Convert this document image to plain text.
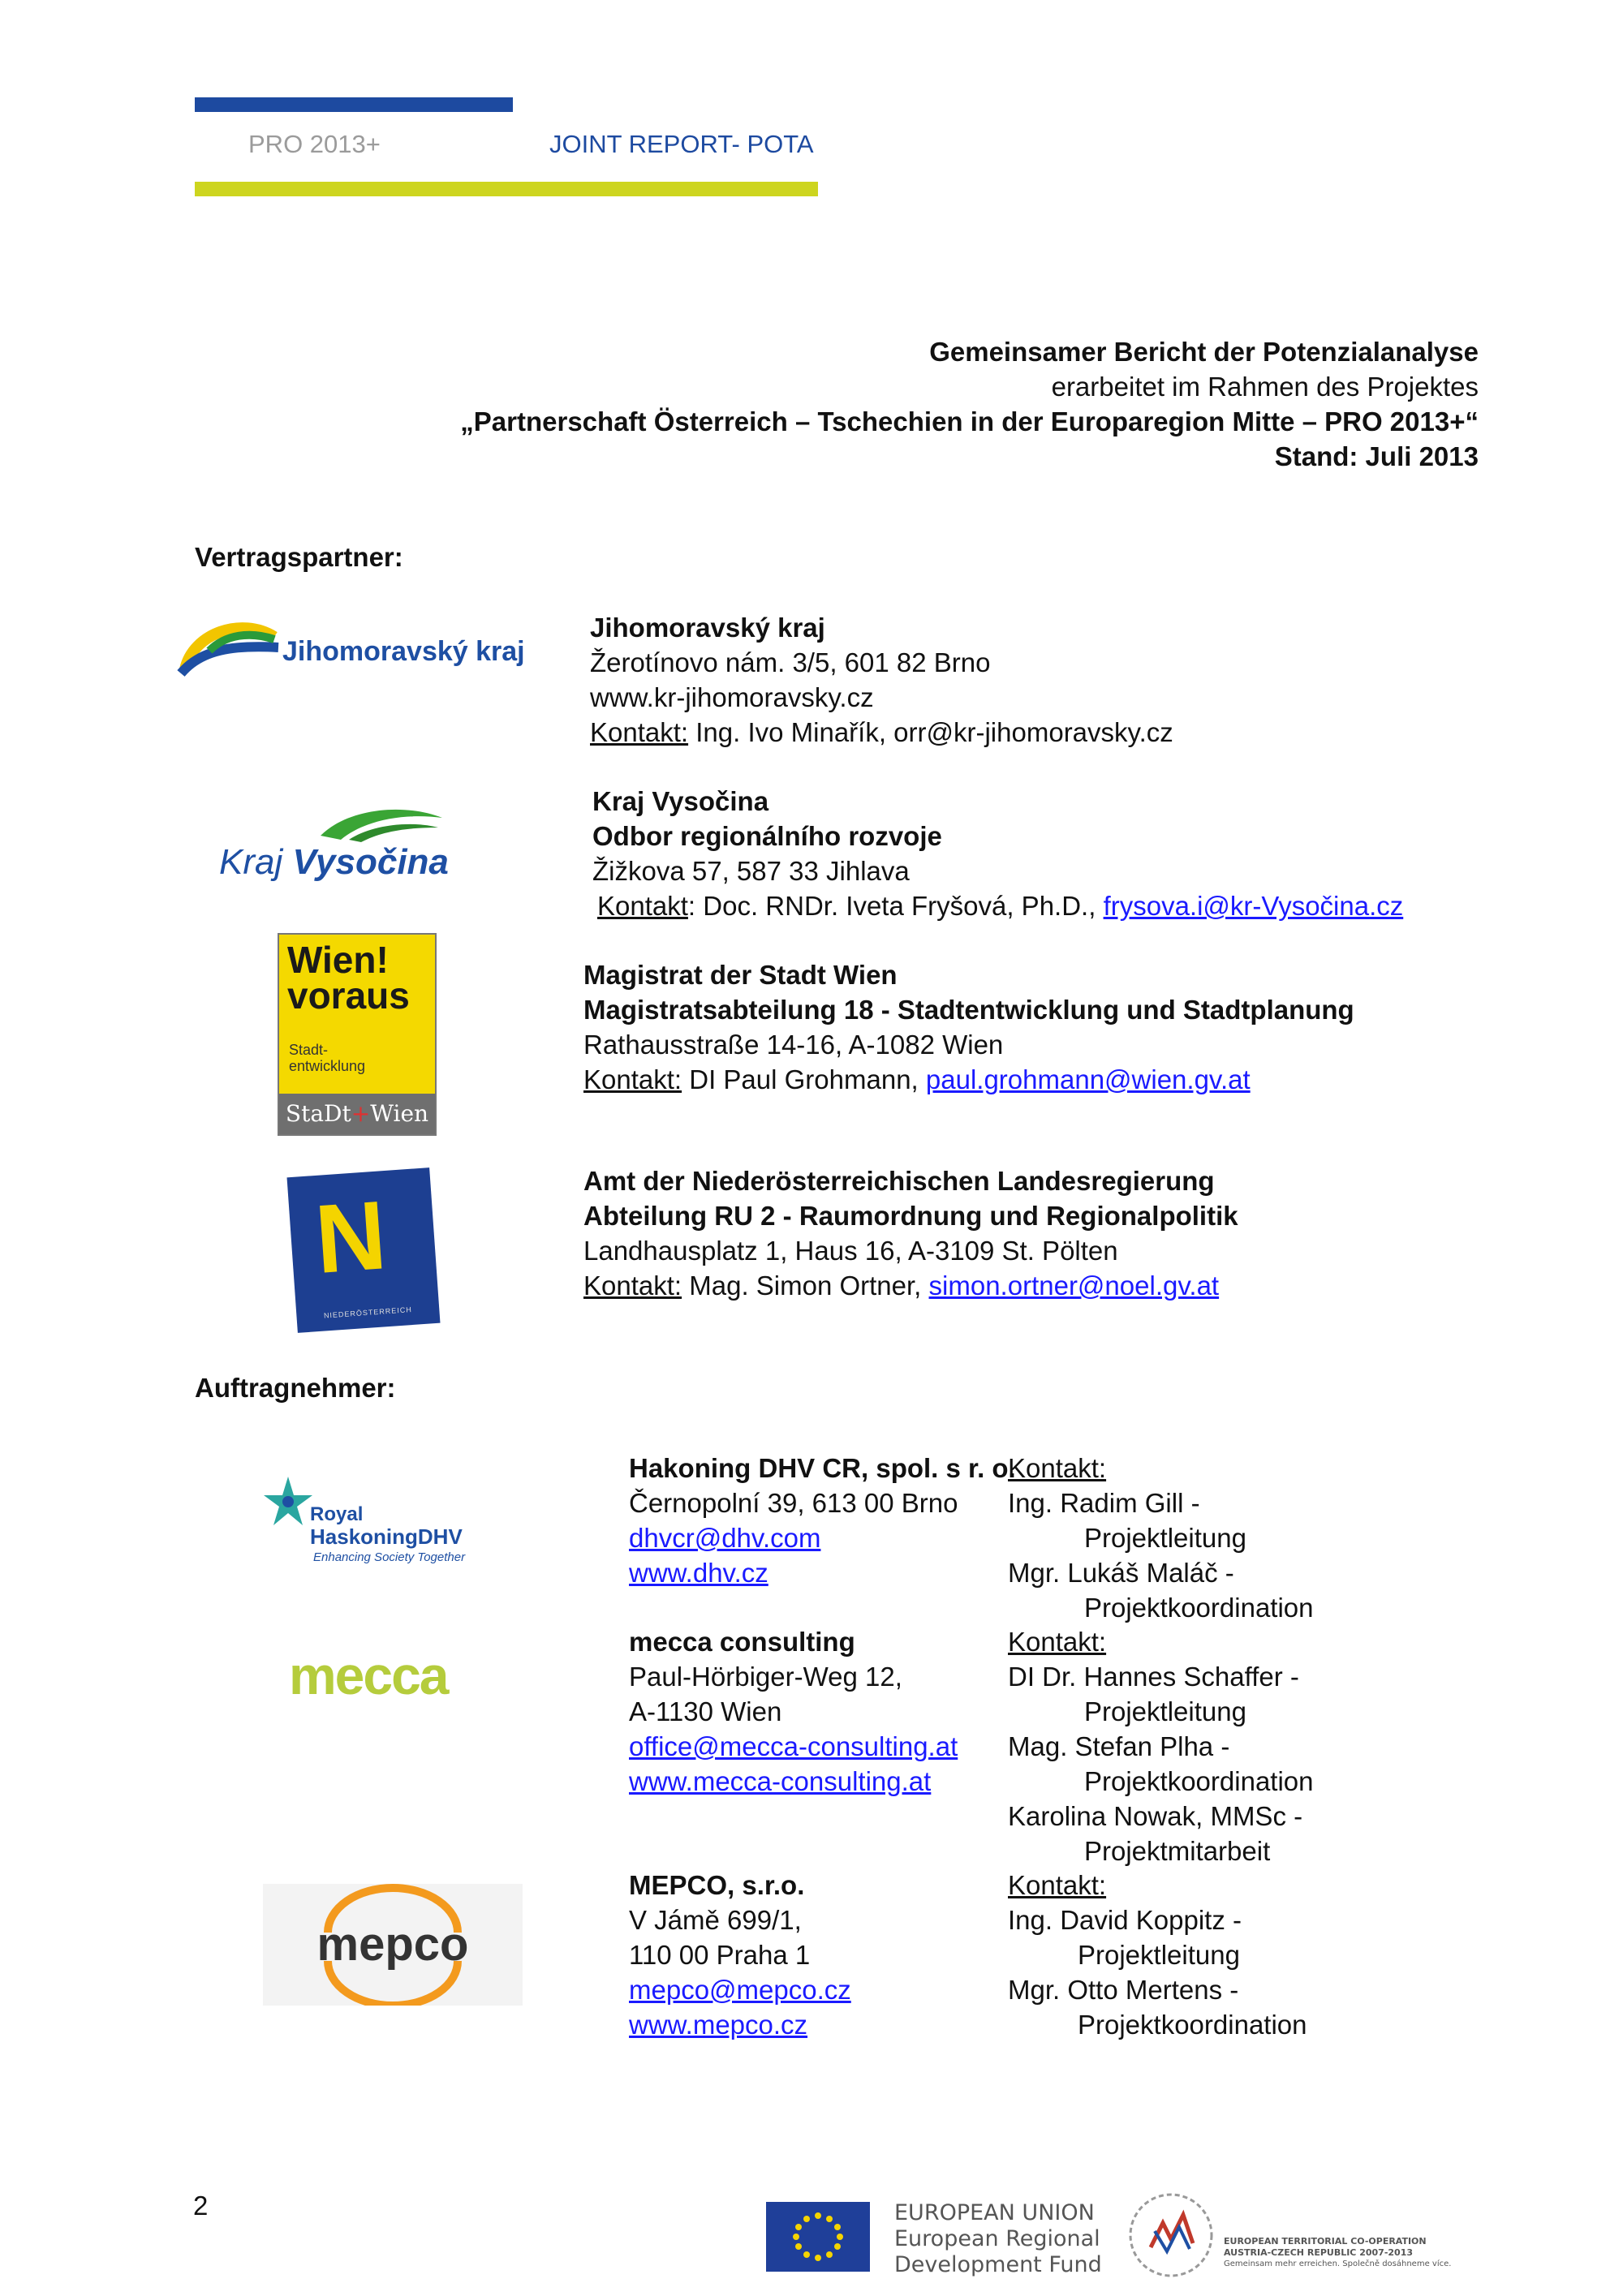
PRO 2013+	JOINT REPORT- POTA
Gemeinsamer Bericht der Potenzialanalyse
erarbeitet im Rahmen des Projektes
„Partnerschaft Österreich – Tschechien in der Europaregion Mitte – PRO 2013+“
Stand: Juli 2013
Vertragspartner:
Jihomoravský kraj
Jihomoravský kraj
Žerotínovo nám. 3/5, 601 82 Brno
www.kr-jihomoravsky.cz
Kontakt: Ing. Ivo Minařík, orr@kr-jihomoravsky.cz
Kraj Vysočina
Kraj Vysočina
Odbor regionálního rozvoje
Žižkova 57, 587 33 Jihlava
Kontakt: Doc. RNDr. Iveta Fryšová, Ph.D., frysova.i@kr-Vysočina.cz
Wien!
voraus
Stadt-
entwicklung
StaDt+Wien
Magistrat der Stadt Wien
Magistratsabteilung 18 - Stadtentwicklung und Stadtplanung
Rathausstraße 14-16, A-1082 Wien
Kontakt: DI Paul Grohmann, paul.grohmann@wien.gv.at
N
NIEDERÖSTERREICH
Amt der Niederösterreichischen Landesregierung
Abteilung RU 2 - Raumordnung und Regionalpolitik
Landhausplatz 1, Haus 16, A-3109 St. Pölten
Kontakt: Mag. Simon Ortner, simon.ortner@noel.gv.at
Auftragnehmer:
Royal
HaskoningDHV
Enhancing Society Together
Hakoning DHV CR, spol. s r. o.
Černopolní 39, 613 00 Brno
dhvcr@dhv.com
www.dhv.cz
Kontakt:
Ing. Radim Gill -
Projektleitung
Mgr. Lukáš Maláč -
Projektkoordination
mecca
mecca consulting
Paul-Hörbiger-Weg 12,
A-1130 Wien
office@mecca-consulting.at
www.mecca-consulting.at
Kontakt:
DI Dr. Hannes Schaffer -
Projektleitung
Mag. Stefan Plha -
Projektkoordination
Karolina Nowak, MMSc -
Projektmitarbeit
mepco
MEPCO, s.r.o.
V Jámě 699/1,
110 00 Praha 1
mepco@mepco.cz
www.mepco.cz
Kontakt:
Ing. David Koppitz -
Projektleitung
Mgr. Otto Mertens -
Projektkoordination
2	EUROPEAN UNION
European Regional
Development Fund
EUROPEAN TERRITORIAL CO-OPERATION
AUSTRIA-CZECH REPUBLIC 2007-2013
Gemeinsam mehr erreichen. Společně dosáhneme více.
